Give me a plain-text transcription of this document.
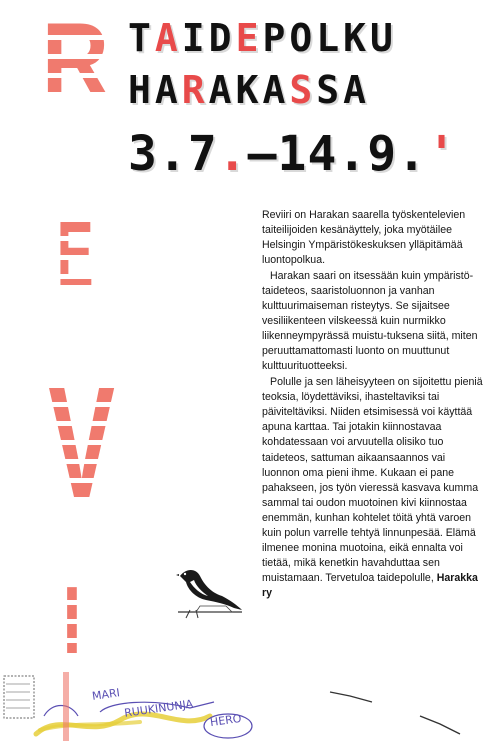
R
E
V
I
TAIDEPOLKU
HARAKASSA
3.7.–14.9.'

Reviiri on Harakan saarella työskentelevien taiteilijoiden kesänäyttely, joka myötäilee Helsingin Ympäristökeskuksen ylläpitämää luontopolkua.

Harakan saari on itsessään kuin ympäristö-taideteos, saaristoluonnon ja vanhan kulttuurimaiseman risteytys. Se sijaitsee vesiliikenteen vilskeessä kuin nurmikko liikenneympyrässä muistu-tuksena siitä, miten peruuttamattomasti luonto on muuttunut kulttuurituotteeksi.

Polulle ja sen läheisyyteen on sijoitettu pieniä teoksia, löydettäviksi, ihasteltaviksi tai päiviteltäviksi. Niiden etsimisessä voi käyttää apuna karttaa. Tai jotakin kiinnostavaa kohdatessaan voi arvuutella olisiko tuo taideteos, sattuman aikaansaannos vai luonnon oma pieni ihme. Kukaan ei pane pahakseen, jos työn vieressä kasvava kumma sammal tai oudon muotoinen kivi kiinnostaa enemmän, kunhan kohtelet töitä yhtä varoen kuin polun varrelle tehtyä linnunpesää. Elämä ilmenee monina muotoina, eikä ennalta voi tietää, mikä kenetkin havahduttaa sen muistamaan. Tervetuloa taidepolulle, Harakka ry

MARI
RUUKINUNJA
HERO
